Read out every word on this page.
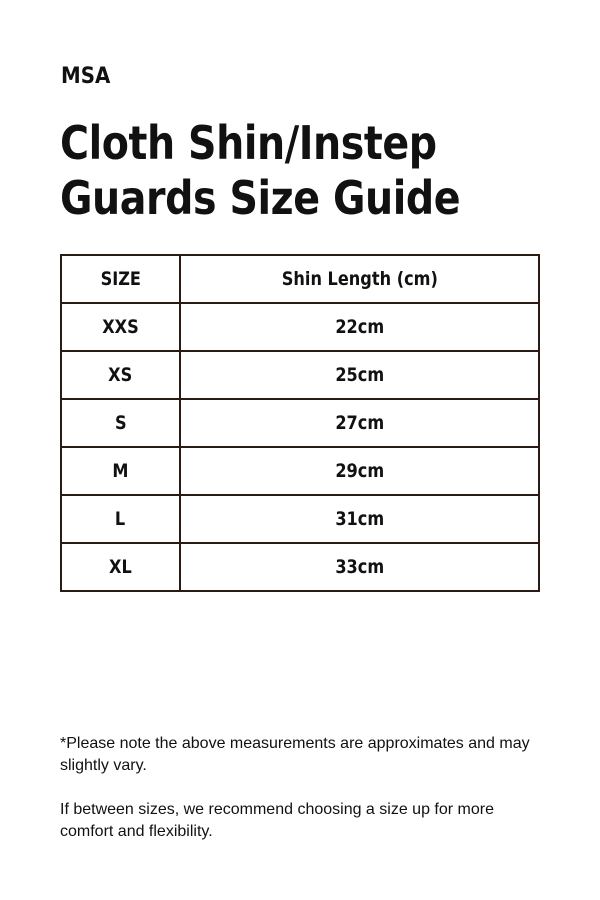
MSA
Cloth Shin/Instep
Guards Size Guide
SIZE	Shin Length (cm)
XXS	22cm
XS	25cm
S	27cm
M	29cm
L	31cm
XL	33cm

*Please note the above measurements are approximates and may slightly vary.

If between sizes, we recommend choosing a size up for more comfort and flexibility.
